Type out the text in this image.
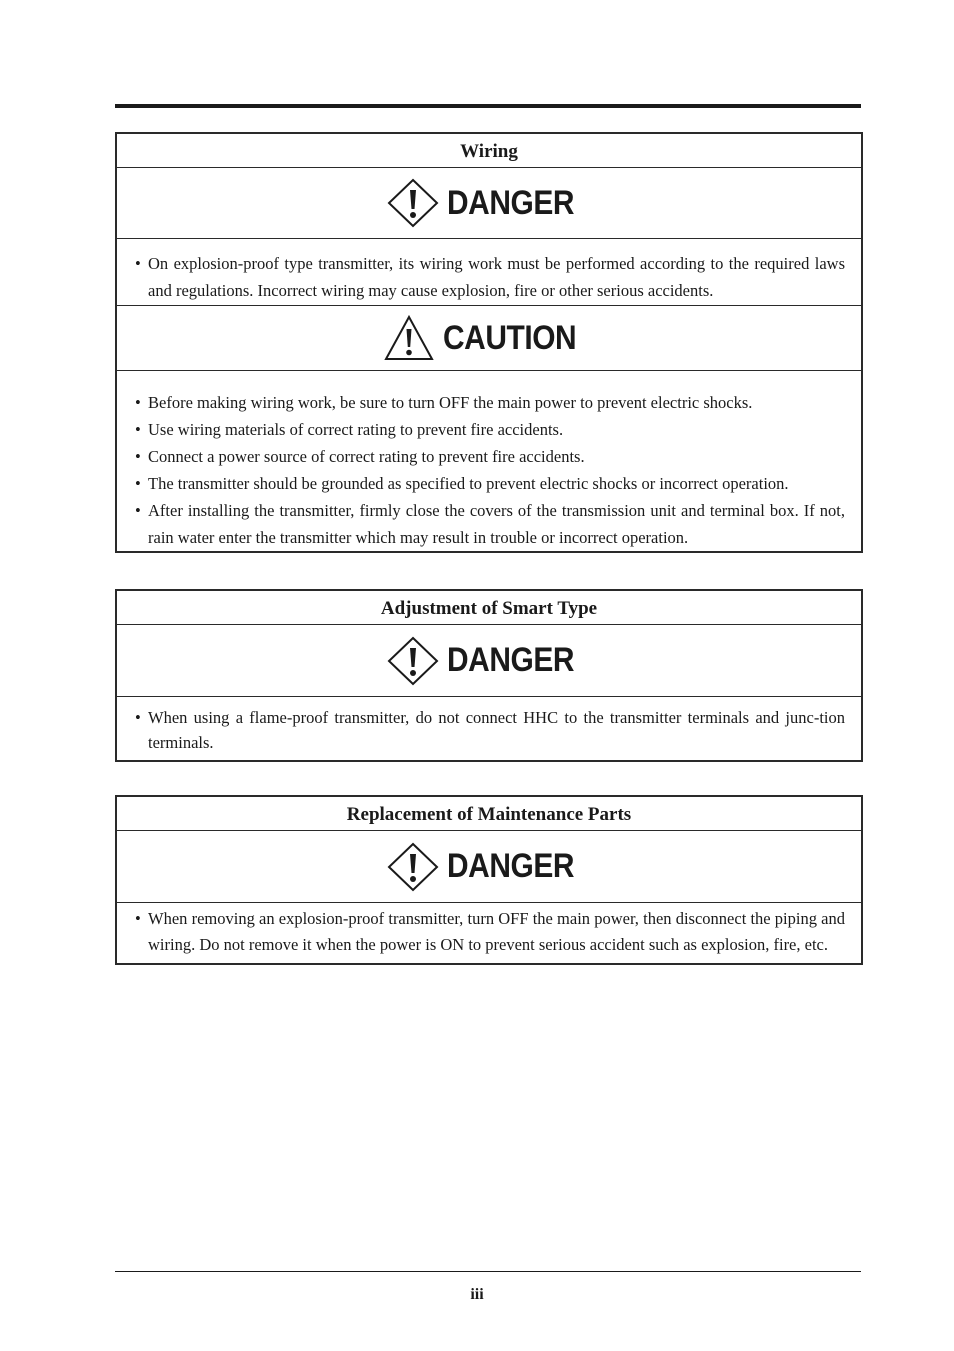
Wiring
DANGER
• On explosion-proof type transmitter, its wiring work must be performed according to the required laws and regulations. Incorrect wiring may cause explosion, fire or other serious accidents.
CAUTION
• Before making wiring work, be sure to turn OFF the main power to prevent electric shocks.
• Use wiring materials of correct rating to prevent fire accidents.
• Connect a power source of correct rating to prevent fire accidents.
• The transmitter should be grounded as specified to prevent electric shocks or incorrect operation.
• After installing the transmitter, firmly close the covers of the transmission unit and terminal box. If not, rain water enter the transmitter which may result in trouble or incorrect operation.
Adjustment of Smart Type
DANGER
• When using a flame-proof transmitter, do not connect HHC to the transmitter terminals and junc-tion terminals.
Replacement of Maintenance Parts
DANGER
• When removing an explosion-proof transmitter, turn OFF the main power, then disconnect the piping and wiring. Do not remove it when the power is ON to prevent serious accident such as explosion, fire, etc.
iii
